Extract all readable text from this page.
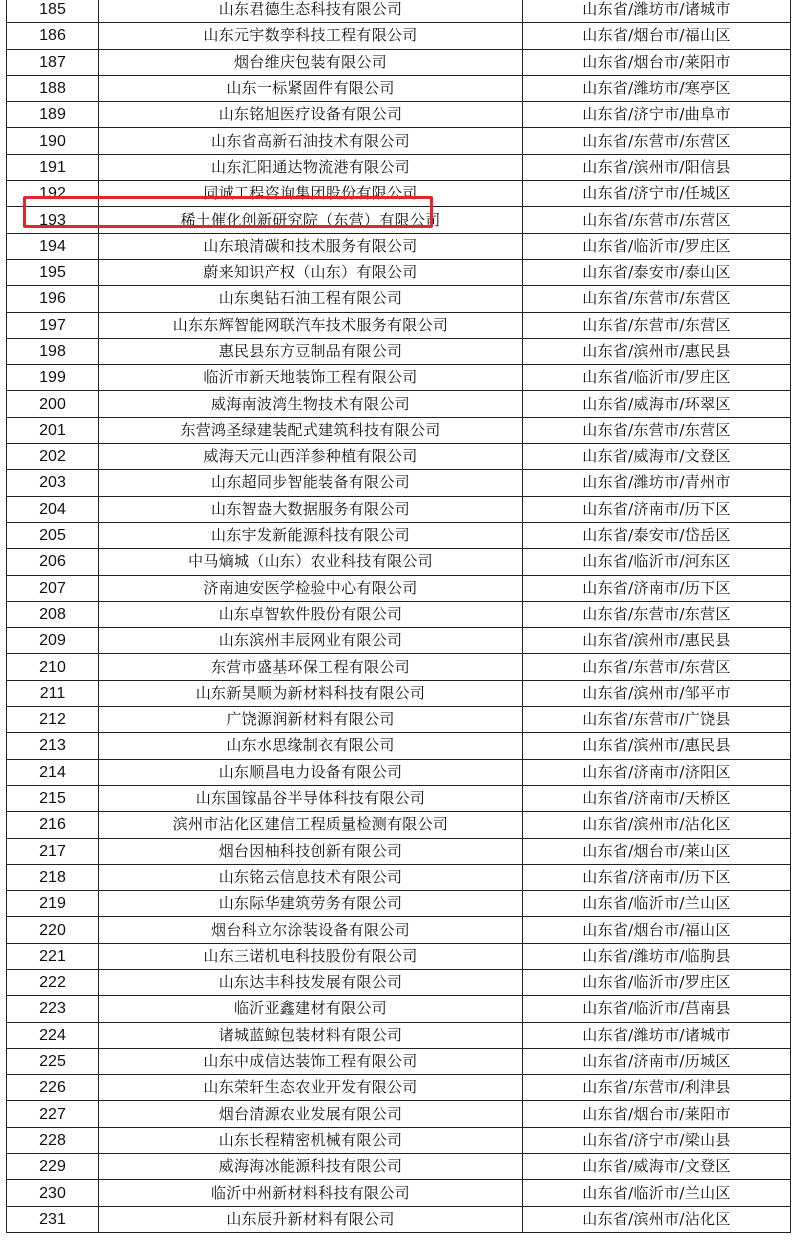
185	山东君德生态科技有限公司	山东省/潍坊市/诸城市
186	山东元宇数孪科技工程有限公司	山东省/烟台市/福山区
187	烟台维庆包装有限公司	山东省/烟台市/莱阳市
188	山东一标紧固件有限公司	山东省/潍坊市/寒亭区
189	山东铭旭医疗设备有限公司	山东省/济宁市/曲阜市
190	山东省高新石油技术有限公司	山东省/东营市/东营区
191	山东汇阳通达物流港有限公司	山东省/滨州市/阳信县
192	同诚工程咨询集团股份有限公司	山东省/济宁市/任城区
193	稀土催化创新研究院（东营）有限公司	山东省/东营市/东营区
194	山东琅清碳和技术服务有限公司	山东省/临沂市/罗庄区
195	蔚来知识产权（山东）有限公司	山东省/泰安市/泰山区
196	山东奥钻石油工程有限公司	山东省/东营市/东营区
197	山东东辉智能网联汽车技术服务有限公司	山东省/东营市/东营区
198	惠民县东方豆制品有限公司	山东省/滨州市/惠民县
199	临沂市新天地装饰工程有限公司	山东省/临沂市/罗庄区
200	威海南波湾生物技术有限公司	山东省/威海市/环翠区
201	东营鸿圣绿建装配式建筑科技有限公司	山东省/东营市/东营区
202	威海天元山西洋参种植有限公司	山东省/威海市/文登区
203	山东超同步智能装备有限公司	山东省/潍坊市/青州市
204	山东智盎大数据服务有限公司	山东省/济南市/历下区
205	山东宇发新能源科技有限公司	山东省/泰安市/岱岳区
206	中马熵城（山东）农业科技有限公司	山东省/临沂市/河东区
207	济南迪安医学检验中心有限公司	山东省/济南市/历下区
208	山东卓智软件股份有限公司	山东省/东营市/东营区
209	山东滨州丰辰网业有限公司	山东省/滨州市/惠民县
210	东营市盛基环保工程有限公司	山东省/东营市/东营区
211	山东新昊顺为新材料科技有限公司	山东省/滨州市/邹平市
212	广饶源润新材料有限公司	山东省/东营市/广饶县
213	山东水思缘制衣有限公司	山东省/滨州市/惠民县
214	山东顺昌电力设备有限公司	山东省/济南市/济阳区
215	山东国镓晶谷半导体科技有限公司	山东省/济南市/天桥区
216	滨州市沾化区建信工程质量检测有限公司	山东省/滨州市/沾化区
217	烟台因柚科技创新有限公司	山东省/烟台市/莱山区
218	山东铭云信息技术有限公司	山东省/济南市/历下区
219	山东际华建筑劳务有限公司	山东省/临沂市/兰山区
220	烟台科立尔涂装设备有限公司	山东省/烟台市/福山区
221	山东三诺机电科技股份有限公司	山东省/潍坊市/临朐县
222	山东达丰科技发展有限公司	山东省/临沂市/罗庄区
223	临沂亚鑫建材有限公司	山东省/临沂市/莒南县
224	诸城蓝鲸包装材料有限公司	山东省/潍坊市/诸城市
225	山东中成信达装饰工程有限公司	山东省/济南市/历城区
226	山东荣轩生态农业开发有限公司	山东省/东营市/利津县
227	烟台清源农业发展有限公司	山东省/烟台市/莱阳市
228	山东长程精密机械有限公司	山东省/济宁市/梁山县
229	威海海冰能源科技有限公司	山东省/威海市/文登区
230	临沂中州新材料科技有限公司	山东省/临沂市/兰山区
231	山东辰升新材料有限公司	山东省/滨州市/沾化区
